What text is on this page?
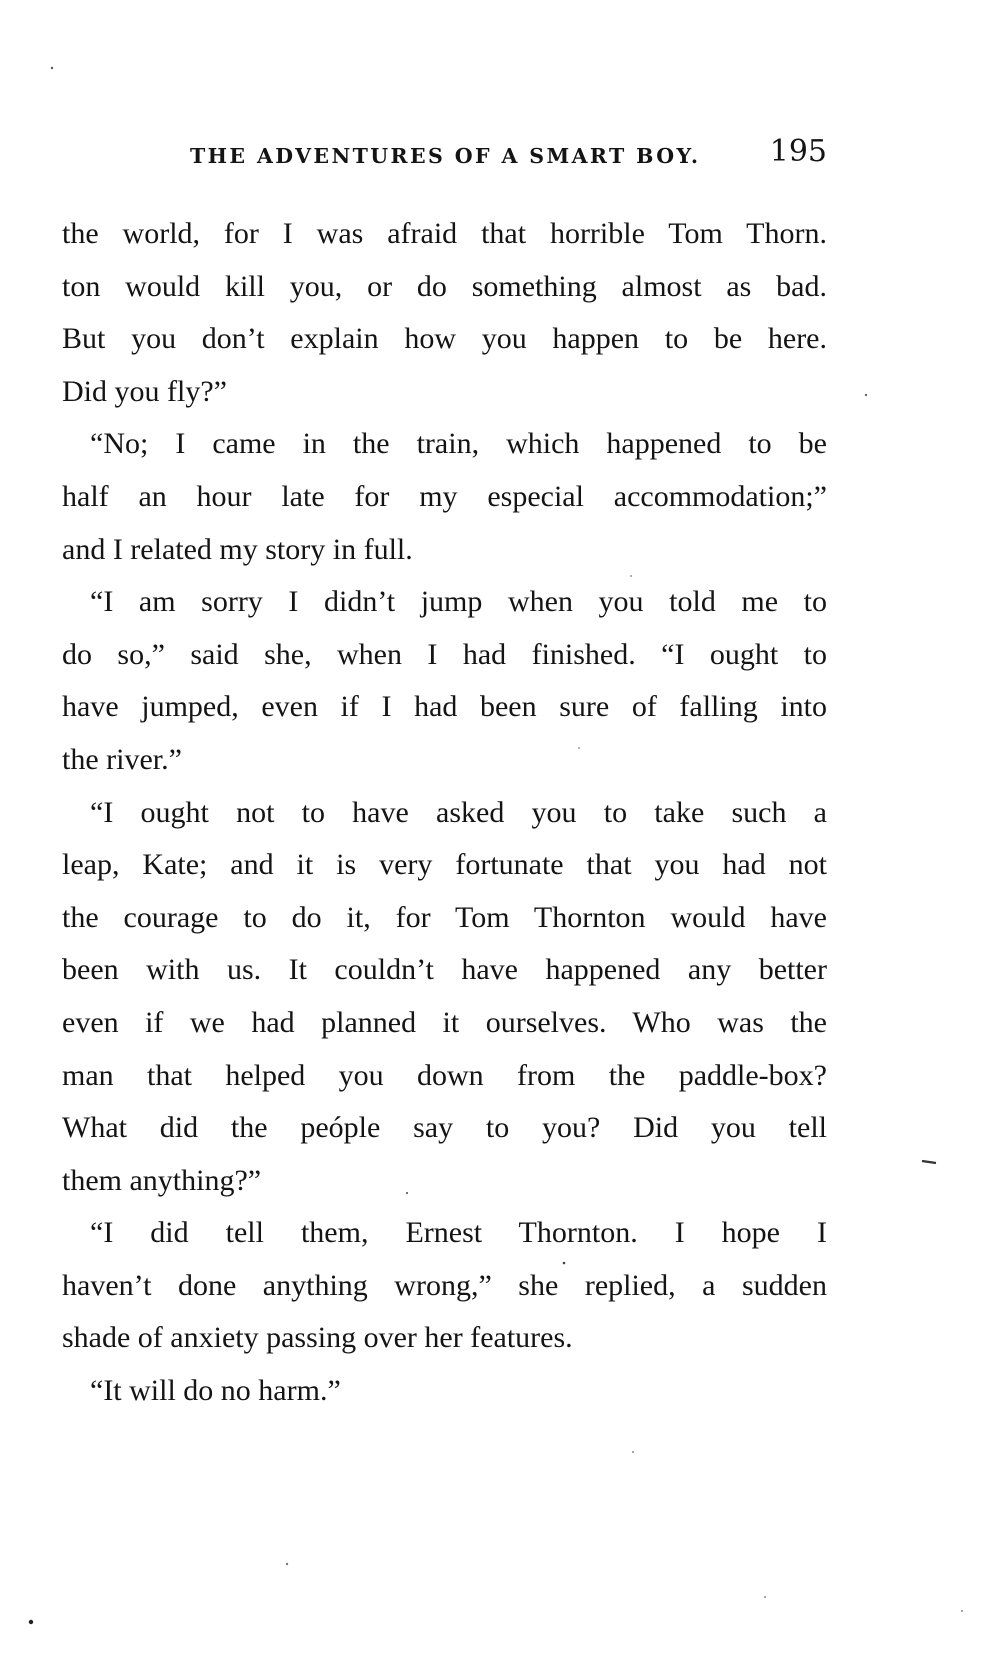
THE ADVENTURES OF A SMART BOY. 195
the world, for I was afraid that horrible Tom Thorn.
ton would kill you, or do something almost as bad.
But you don’t explain how you happen to be here.
Did you fly?”
“No; I came in the train, which happened to be
half an hour late for my especial accommodation;”
and I related my story in full.
“I am sorry I didn’t jump when you told me to
do so,” said she, when I had finished. “I ought to
have jumped, even if I had been sure of falling into
the river.”
“I ought not to have asked you to take such a
leap, Kate; and it is very fortunate that you had not
the courage to do it, for Tom Thornton would have
been with us. It couldn’t have happened any better
even if we had planned it ourselves. Who was the
man that helped you down from the paddle-box?
What did the peóple say to you? Did you tell
them anything?”
“I did tell them, Ernest Thornton. I hope I
haven’t done anything wrong,” she replied, a sudden
shade of anxiety passing over her features.
“It will do no harm.”
